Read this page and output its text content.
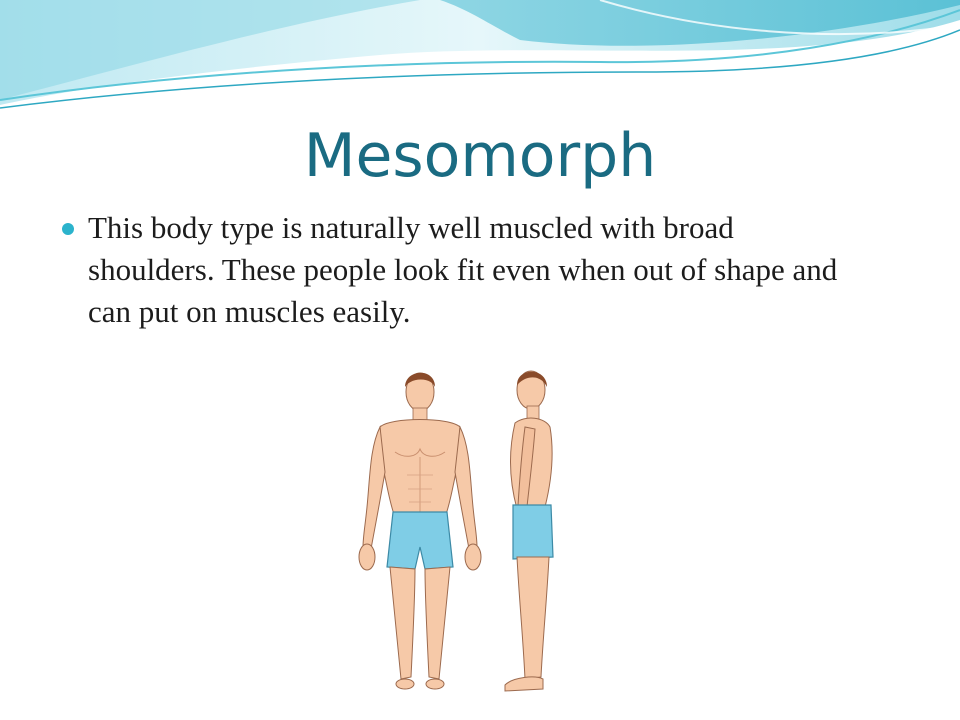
Mesomorph
This body type is naturally well muscled with broad shoulders. These people look fit even when out of shape and can put on muscles easily.
